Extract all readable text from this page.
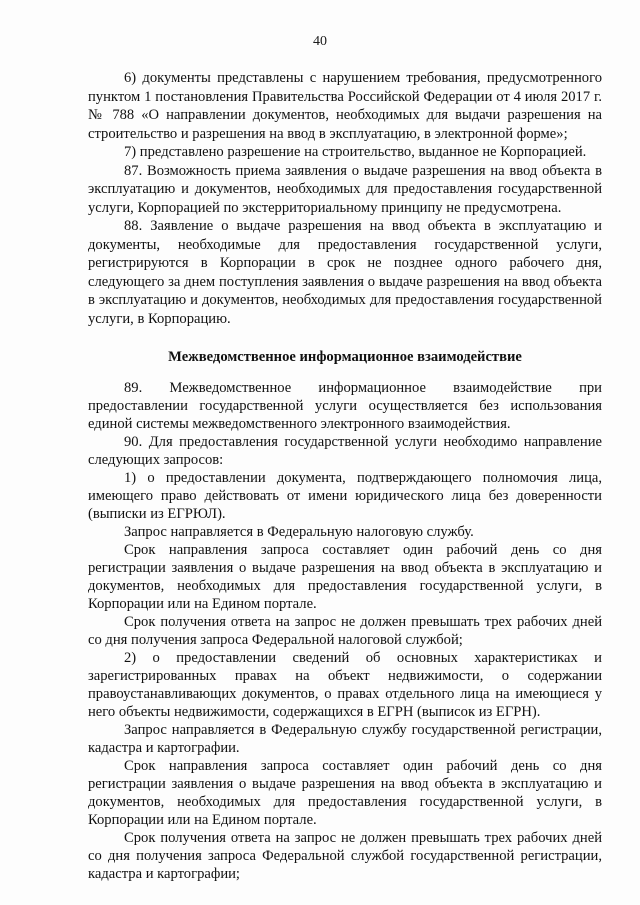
40

6) документы представлены с нарушением требования, предусмотренного пунктом 1 постановления Правительства Российской Федерации от 4 июля 2017 г. № 788 «О направлении документов, необходимых для выдачи разрешения на строительство и разрешения на ввод в эксплуатацию, в электронной форме»;

7) представлено разрешение на строительство, выданное не Корпорацией.

87. Возможность приема заявления о выдаче разрешения на ввод объекта в эксплуатацию и документов, необходимых для предоставления государственной услуги, Корпорацией по экстерриториальному принципу не предусмотрена.

88. Заявление о выдаче разрешения на ввод объекта в эксплуатацию и документы, необходимые для предоставления государственной услуги, регистрируются в Корпорации в срок не позднее одного рабочего дня, следующего за днем поступления заявления о выдаче разрешения на ввод объекта в эксплуатацию и документов, необходимых для предоставления государственной услуги, в Корпорацию.

Межведомственное информационное взаимодействие

89. Межведомственное информационное взаимодействие при предоставлении государственной услуги осуществляется без использования единой системы межведомственного электронного взаимодействия.

90. Для предоставления государственной услуги необходимо направление следующих запросов:

1) о предоставлении документа, подтверждающего полномочия лица, имеющего право действовать от имени юридического лица без доверенности (выписки из ЕГРЮЛ).

Запрос направляется в Федеральную налоговую службу.

Срок направления запроса составляет один рабочий день со дня регистрации заявления о выдаче разрешения на ввод объекта в эксплуатацию и документов, необходимых для предоставления государственной услуги, в Корпорации или на Едином портале.

Срок получения ответа на запрос не должен превышать трех рабочих дней со дня получения запроса Федеральной налоговой службой;

2) о предоставлении сведений об основных характеристиках и зарегистрированных правах на объект недвижимости, о содержании правоустанавливающих документов, о правах отдельного лица на имеющиеся у него объекты недвижимости, содержащихся в ЕГРН (выписок из ЕГРН).

Запрос направляется в Федеральную службу государственной регистрации, кадастра и картографии.

Срок направления запроса составляет один рабочий день со дня регистрации заявления о выдаче разрешения на ввод объекта в эксплуатацию и документов, необходимых для предоставления государственной услуги, в Корпорации или на Едином портале.

Срок получения ответа на запрос не должен превышать трех рабочих дней со дня получения запроса Федеральной службой государственной регистрации, кадастра и картографии;
